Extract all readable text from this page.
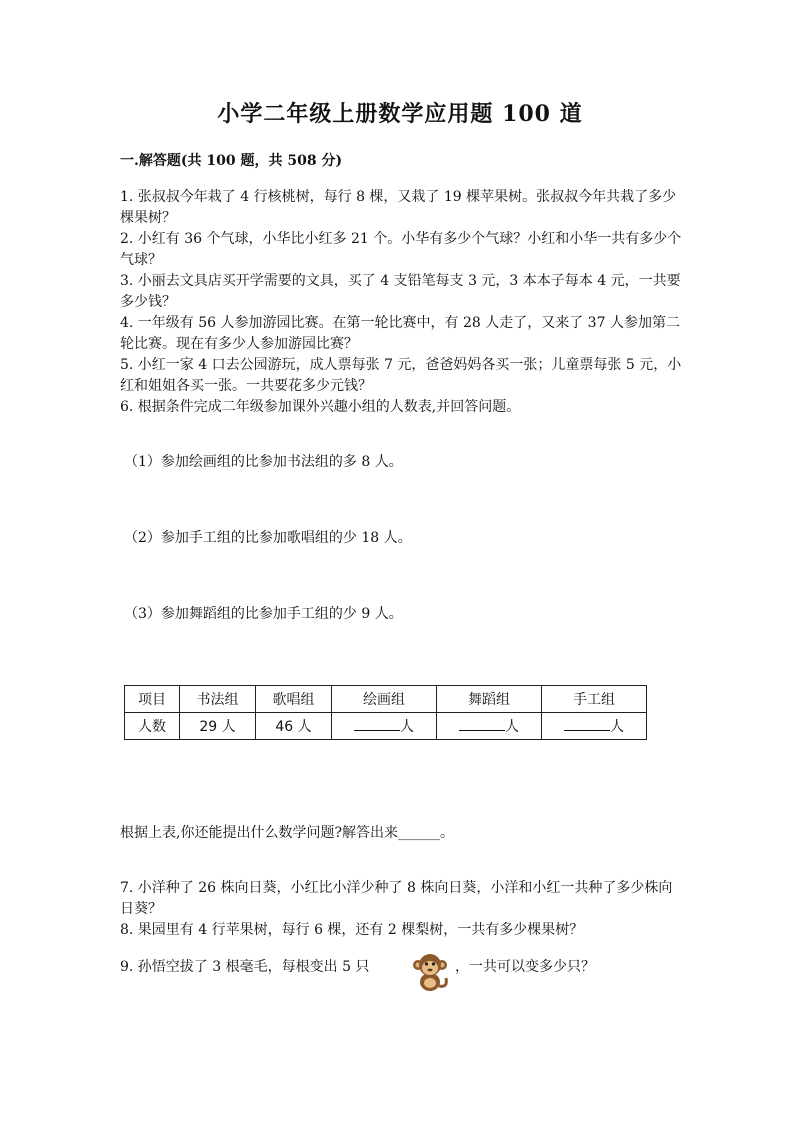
小学二年级上册数学应用题 100 道
一.解答题(共 100 题，共 508 分)
1. 张叔叔今年栽了 4 行核桃树，每行 8 棵，又栽了 19 棵苹果树。张叔叔今年共栽了多少棵果树？
2. 小红有 36 个气球，小华比小红多 21 个。小华有多少个气球？小红和小华一共有多少个气球？
3. 小丽去文具店买开学需要的文具，买了 4 支铅笔每支 3 元，3 本本子每本 4 元，一共要多少钱？
4. 一年级有 56 人参加游园比赛。在第一轮比赛中，有 28 人走了，又来了 37 人参加第二轮比赛。现在有多少人参加游园比赛？
5. 小红一家 4 口去公园游玩，成人票每张 7 元，爸爸妈妈各买一张；儿童票每张 5 元，小红和姐姐各买一张。一共要花多少元钱？
6. 根据条件完成二年级参加课外兴趣小组的人数表,并回答问题。
（1）参加绘画组的比参加书法组的多 8 人。
（2）参加手工组的比参加歌唱组的少 18 人。
（3）参加舞蹈组的比参加手工组的少 9 人。
项目	书法组	歌唱组	绘画组	舞蹈组	手工组
人数	29 人	46 人	人	人	人
根据上表,你还能提出什么数学问题?解答出来______。
7. 小洋种了 26 株向日葵，小红比小洋少种了 8 株向日葵，小洋和小红一共种了多少株向日葵？
8. 果园里有 4 行苹果树，每行 6 棵，还有 2 棵梨树，一共有多少棵果树？
9. 孙悟空拔了 3 根毫毛，每根变出 5 只	，一共可以变多少只？
